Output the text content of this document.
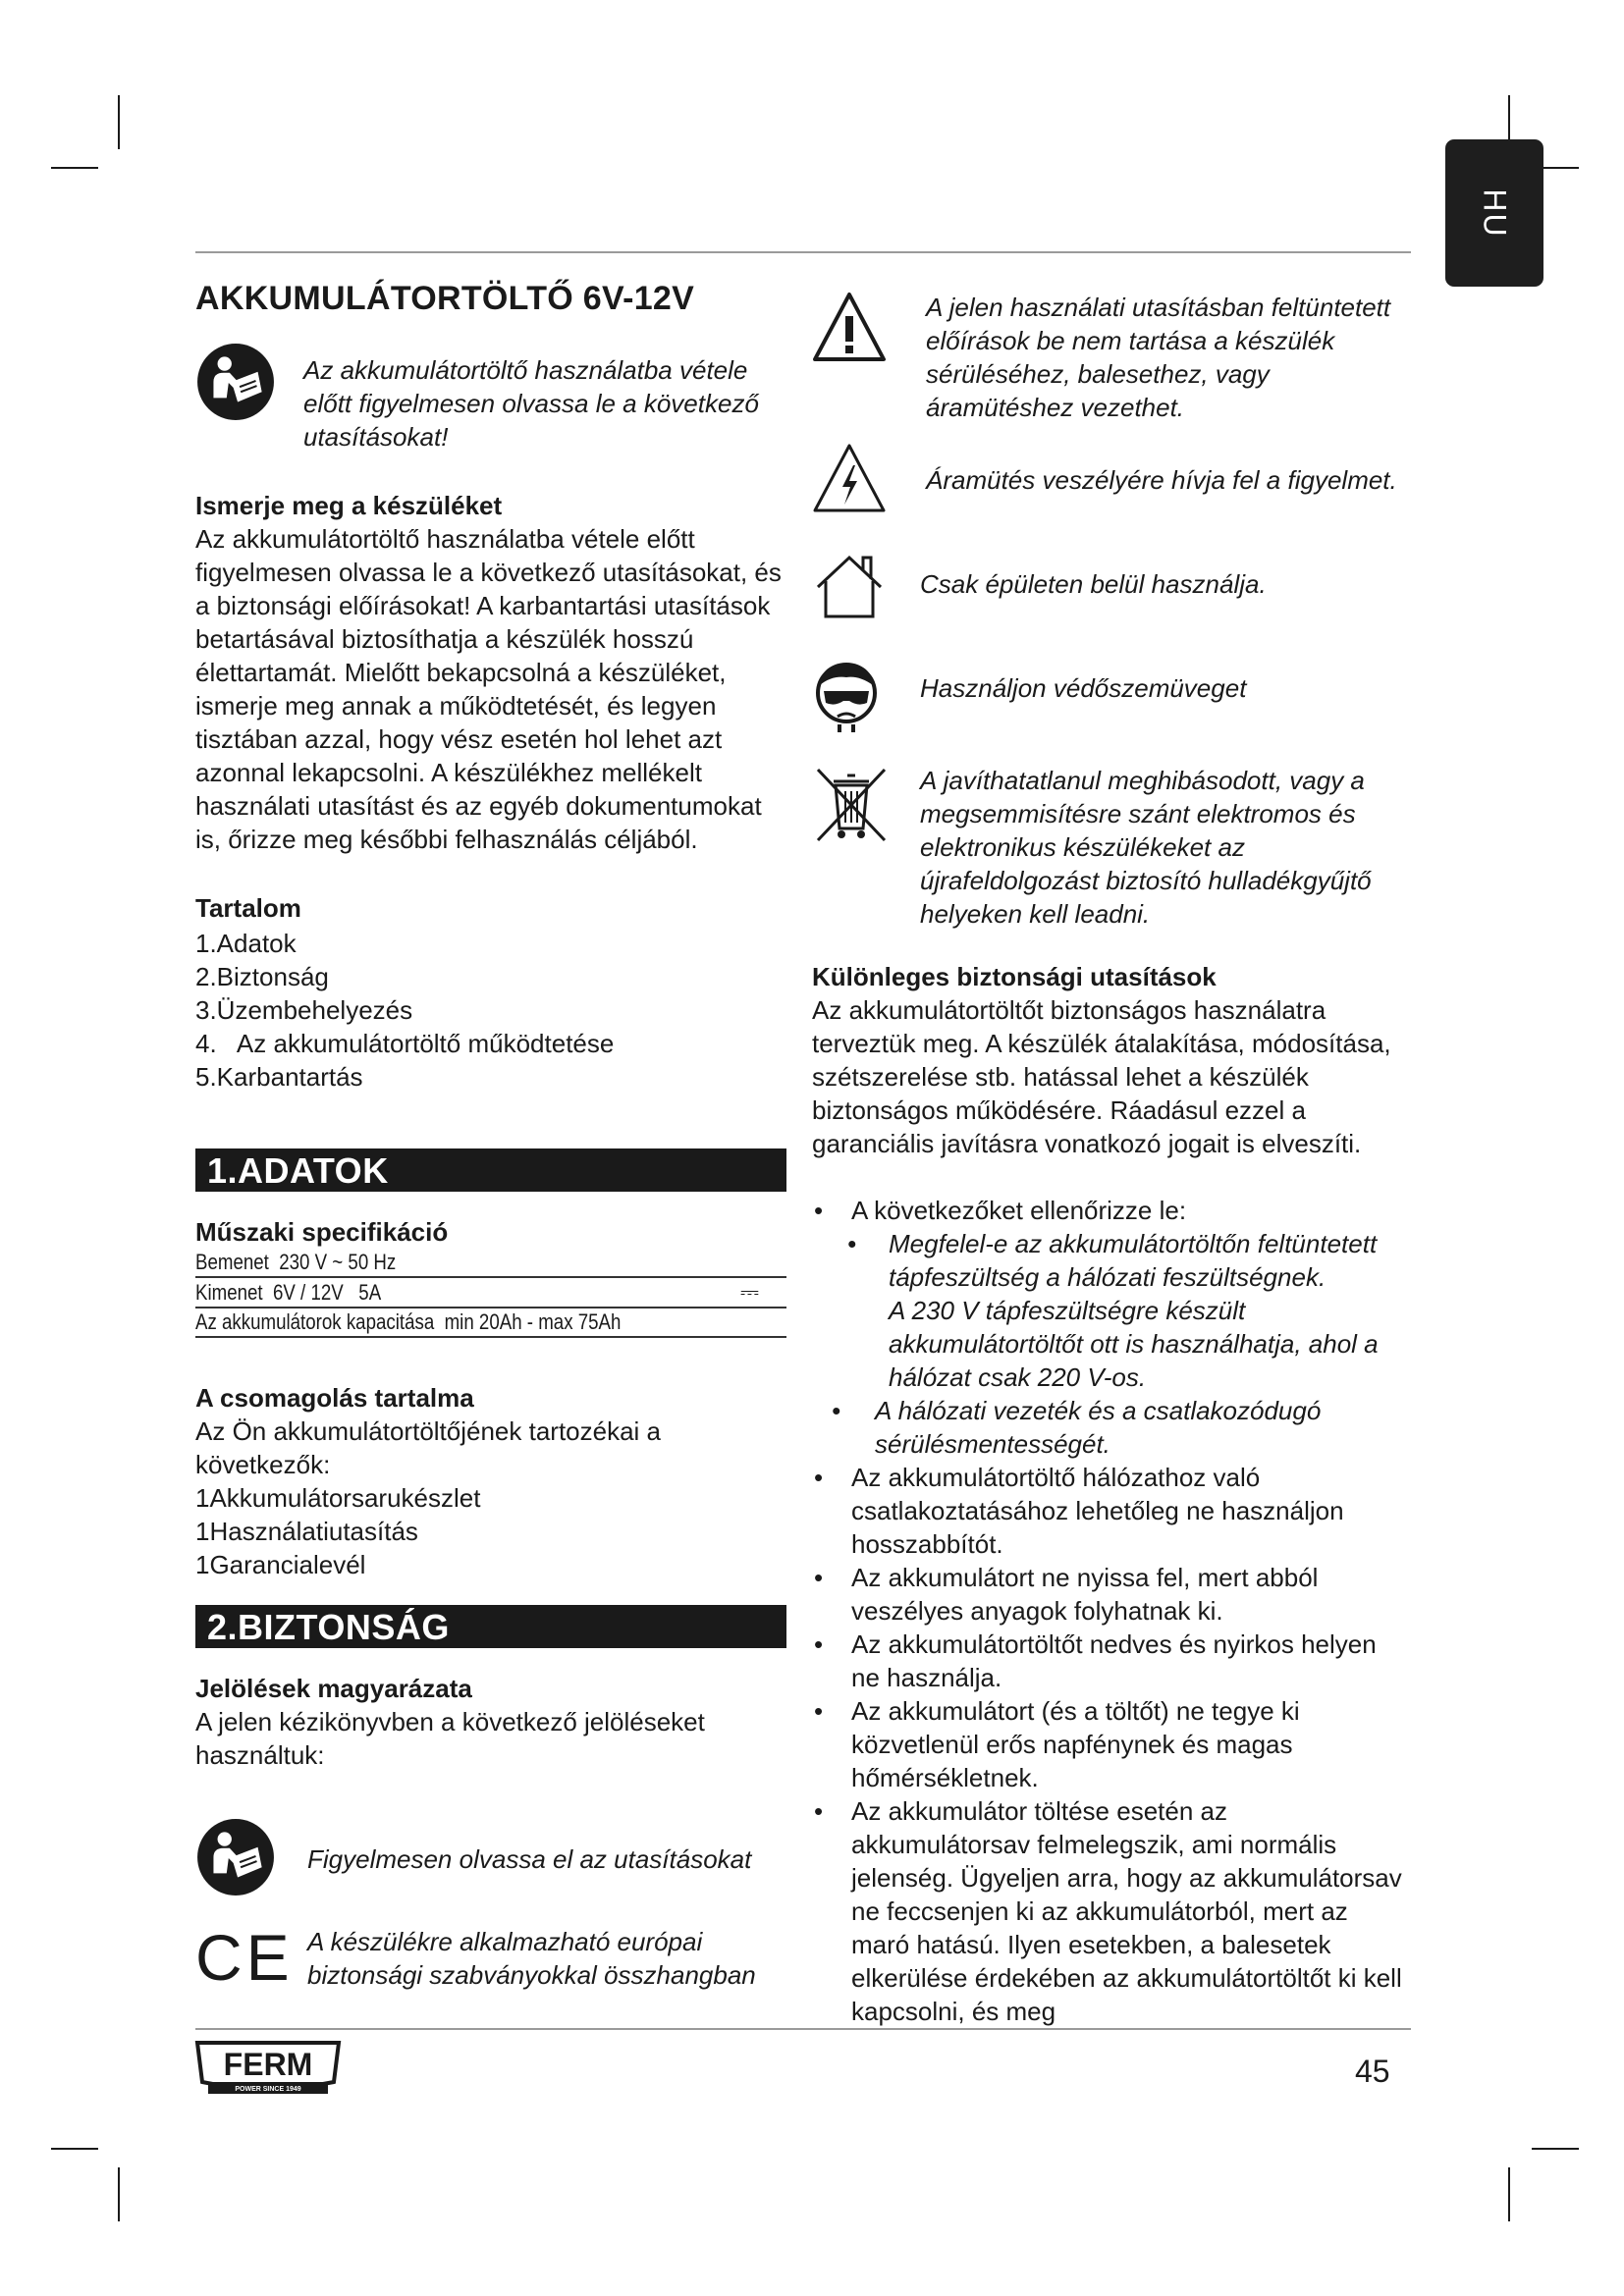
HU
AKKUMULÁTORTÖLTŐ 6V-12V

Az akkumulátortöltő használatba vétele előtt figyelmesen olvassa le a következő utasításokat!

Ismerje meg a készüléket

Az akkumulátortöltő használatba vétele előtt figyelmesen olvassa le a következő utasításokat, és a biztonsági előírásokat! A karbantartási utasítások betartásával biztosíthatja a készülék hosszú élettartamát. Mielőtt bekapcsolná a készüléket, ismerje meg annak a működtetését, és legyen tisztában azzal, hogy vész esetén hol lehet azt azonnal lekapcsolni. A készülékhez mellékelt használati utasítást és az egyéb dokumentumokat is, őrizze meg későbbi felhasználás céljából.

Tartalom

1.Adatok
2.Biztonság
3.Üzembehelyezés
4.   Az akkumulátortöltő működtetése
5.Karbantartás
1.ADATOK

Műszaki specifikáció

Bemenet  230 V ~ 50 Hz	
Kimenet  6V / 12V   5A	⎓
Az akkumulátorok kapacitása  min 20Ah - max 75Ah	

A csomagolás tartalma

Az Ön akkumulátortöltőjének tartozékai a következők:

1Akkumulátorsarukészlet
1Használatiutasítás
1Garancialevél
2.BIZTONSÁG

Jelölések magyarázata

A jelen kézikönyvben a következő jelöléseket használtuk:

Figyelmesen olvassa el az utasításokat

CE A készülékre alkalmazható európai biztonsági szabványokkal összhangban

A jelen használati utasításban feltüntetett előírások be nem tartása a készülék sérüléséhez, balesethez, vagy áramütéshez vezethet.

Áramütés veszélyére hívja fel a figyelmet.

Csak épületen belül használja.

Használjon védőszemüveget

A javíthatatlanul meghibásodott, vagy a megsemmisítésre szánt elektromos és elektronikus készülékeket az újrafeldolgozást biztosító hulladékgyűjtő helyeken kell leadni.

Különleges biztonsági utasítások

Az akkumulátortöltőt biztonságos használatra terveztük meg. A készülék átalakítása, módosítása, szétszerelése stb. hatással lehet a készülék biztonságos működésére. Ráadásul ezzel a garanciális javításra vonatkozó jogait is elveszíti.

• A következőket ellenőrizze le:
• Megfelel-e az akkumulátortöltőn feltüntetett tápfeszültség a hálózati feszültségnek.
A 230 V tápfeszültségre készült akkumulátortöltőt ott is használhatja, ahol a hálózat csak 220 V-os.
• A hálózati vezeték és a csatlakozódugó sérülésmentességét.
• Az akkumulátortöltő hálózathoz való csatlakoztatásához lehetőleg ne használjon hosszabbítót.
• Az akkumulátort ne nyissa fel, mert abból veszélyes anyagok folyhatnak ki.
• Az akkumulátortöltőt nedves és nyirkos helyen ne használja.
• Az akkumulátort (és a töltőt) ne tegye ki közvetlenül erős napfénynek és magas hőmérsékletnek.
• Az akkumulátor töltése esetén az akkumulátorsav felmelegszik, ami normális jelenség. Ügyeljen arra, hogy az akkumulátorsav ne feccsenjen ki az akkumulátorból, mert az maró hatású. Ilyen esetekben, a balesetek elkerülése érdekében az akkumulátortöltőt ki kell kapcsolni, és meg
FERM
POWER SINCE 1949
45
